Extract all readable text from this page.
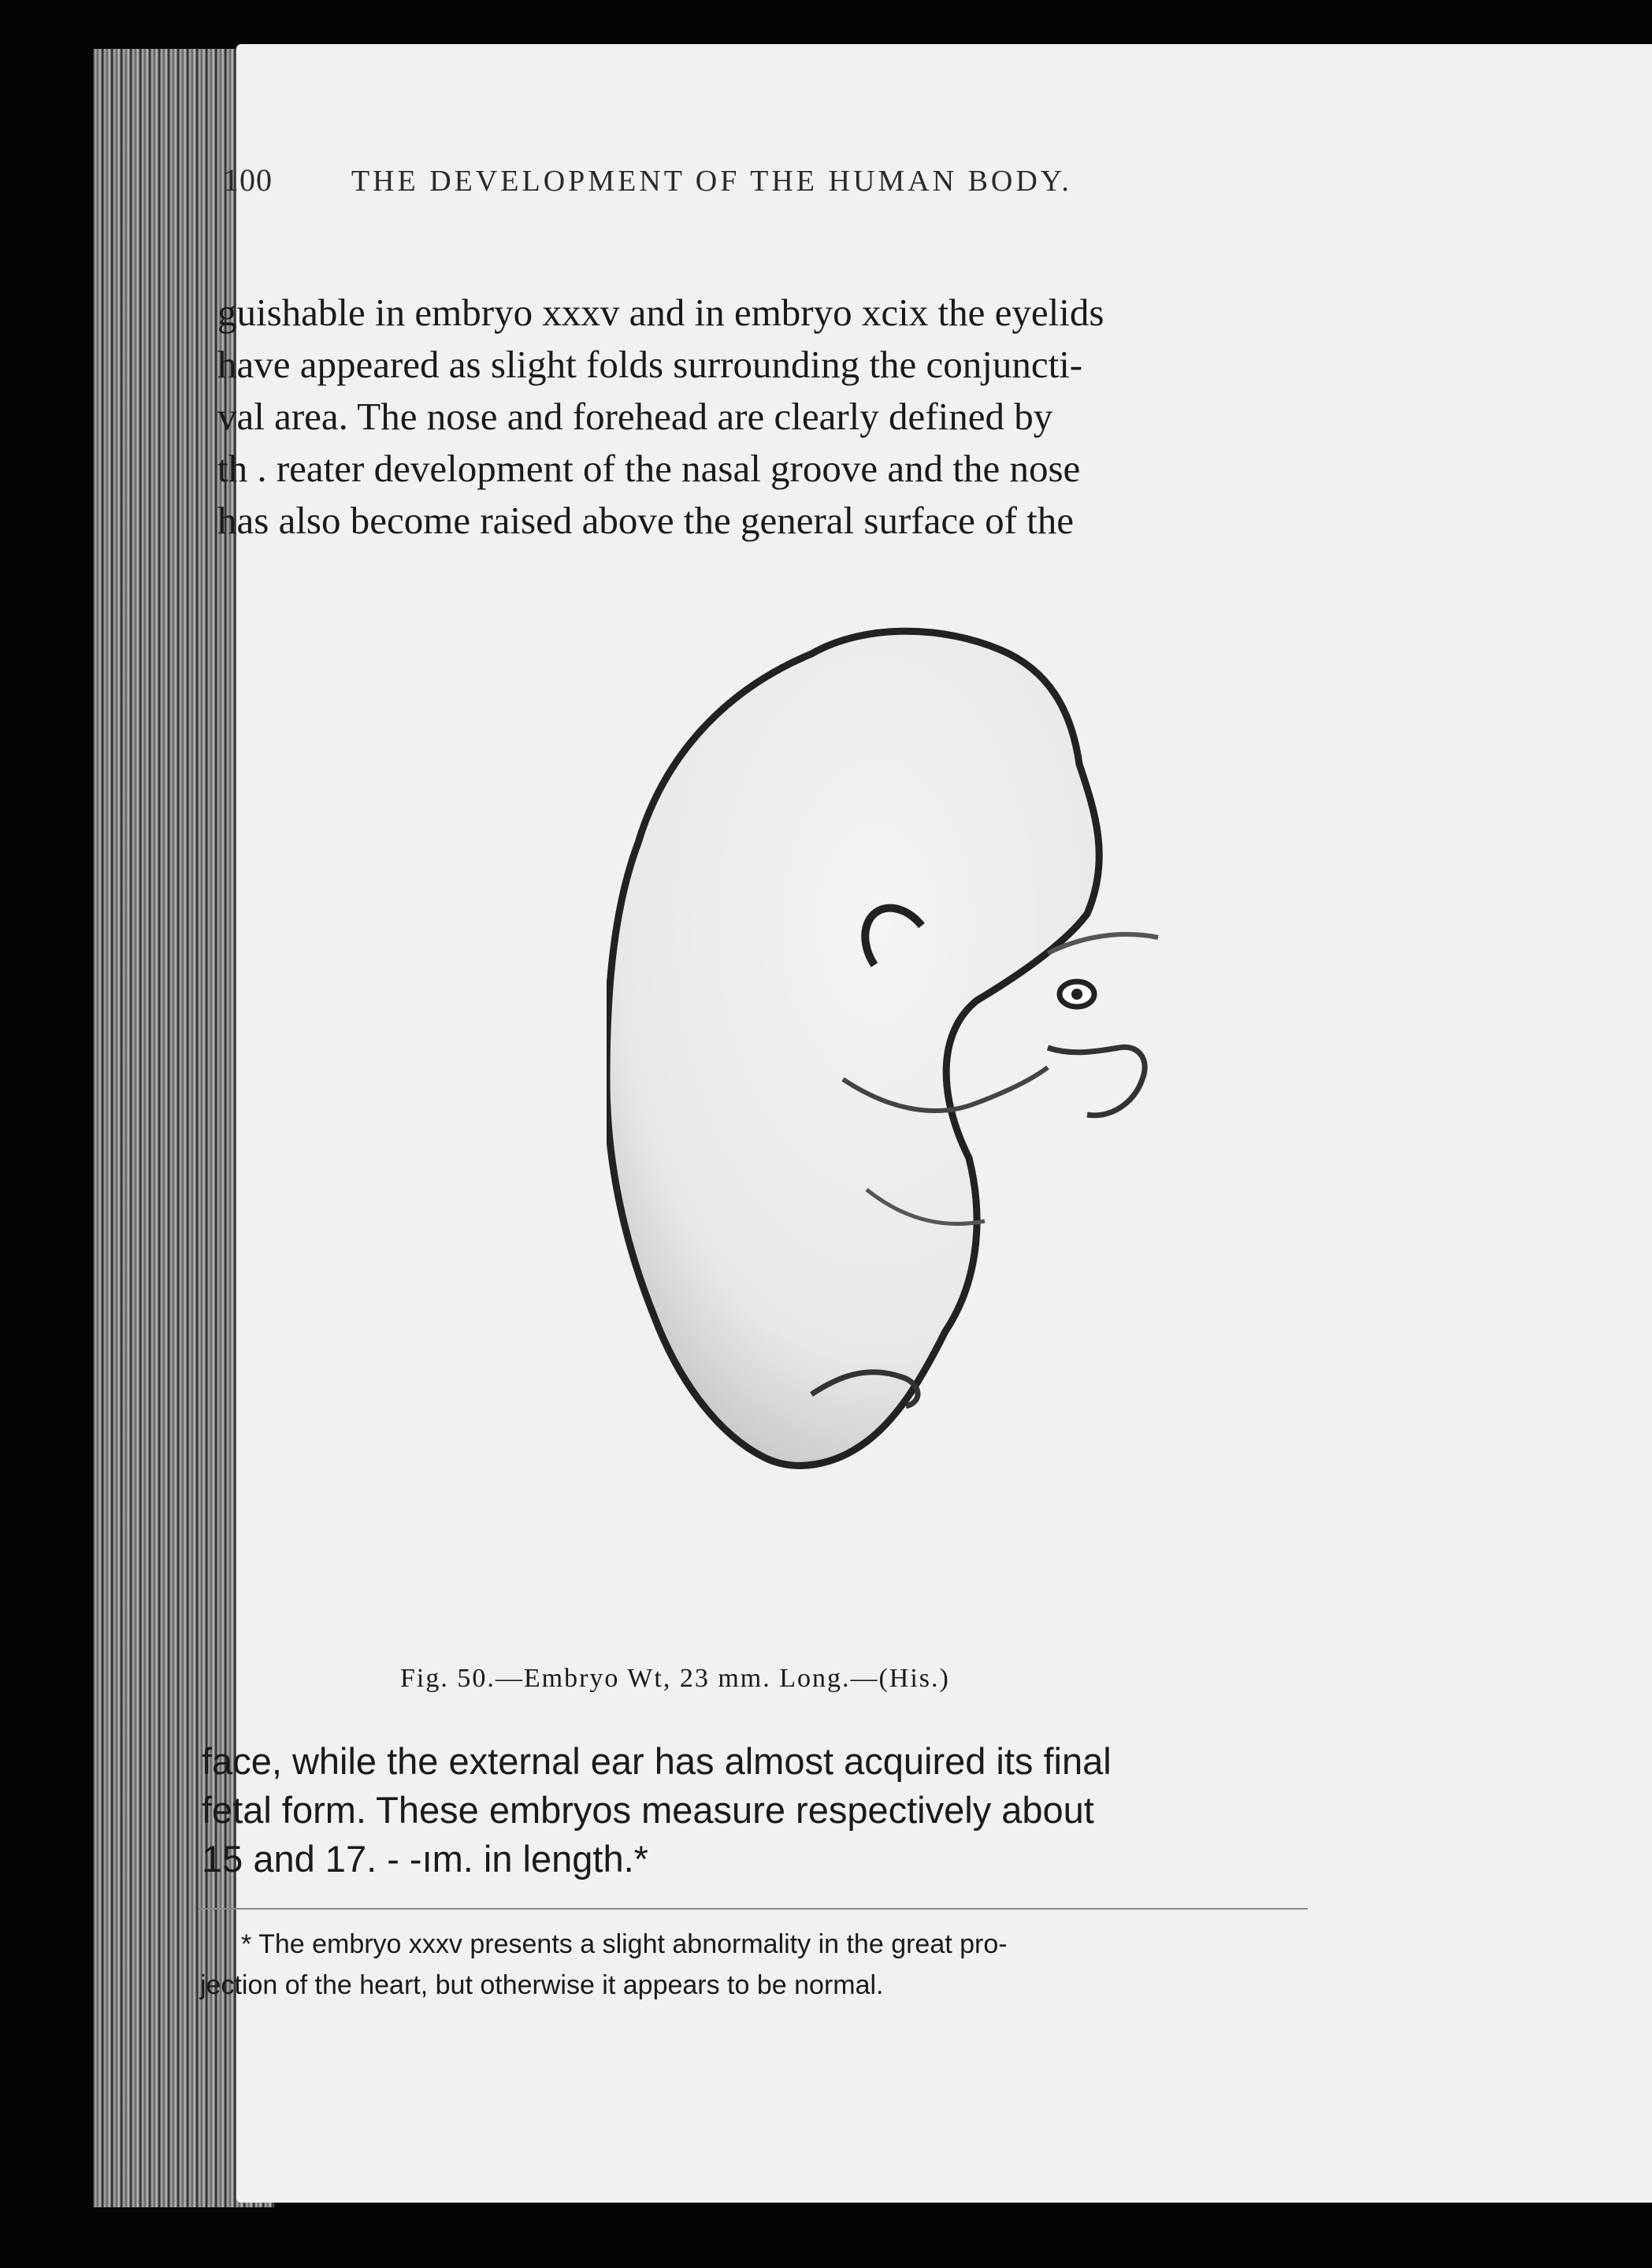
100	THE DEVELOPMENT OF THE HUMAN BODY.
guishable in embryo xxxv and in embryo xcix the eyelids
have appeared as slight folds surrounding the conjuncti-
val area. The nose and forehead are clearly defined by
th . reater development of the nasal groove and the nose
has also become raised above the general surface of the
Fig. 50.—Embryo Wt, 23 mm. Long.—(His.)
face, while the external ear has almost acquired its final
fetal form. These embryos measure respectively about
15 and 17. - -ım. in length.*
* The embryo xxxv presents a slight abnormality in the great pro-
jection of the heart, but otherwise it appears to be normal.
